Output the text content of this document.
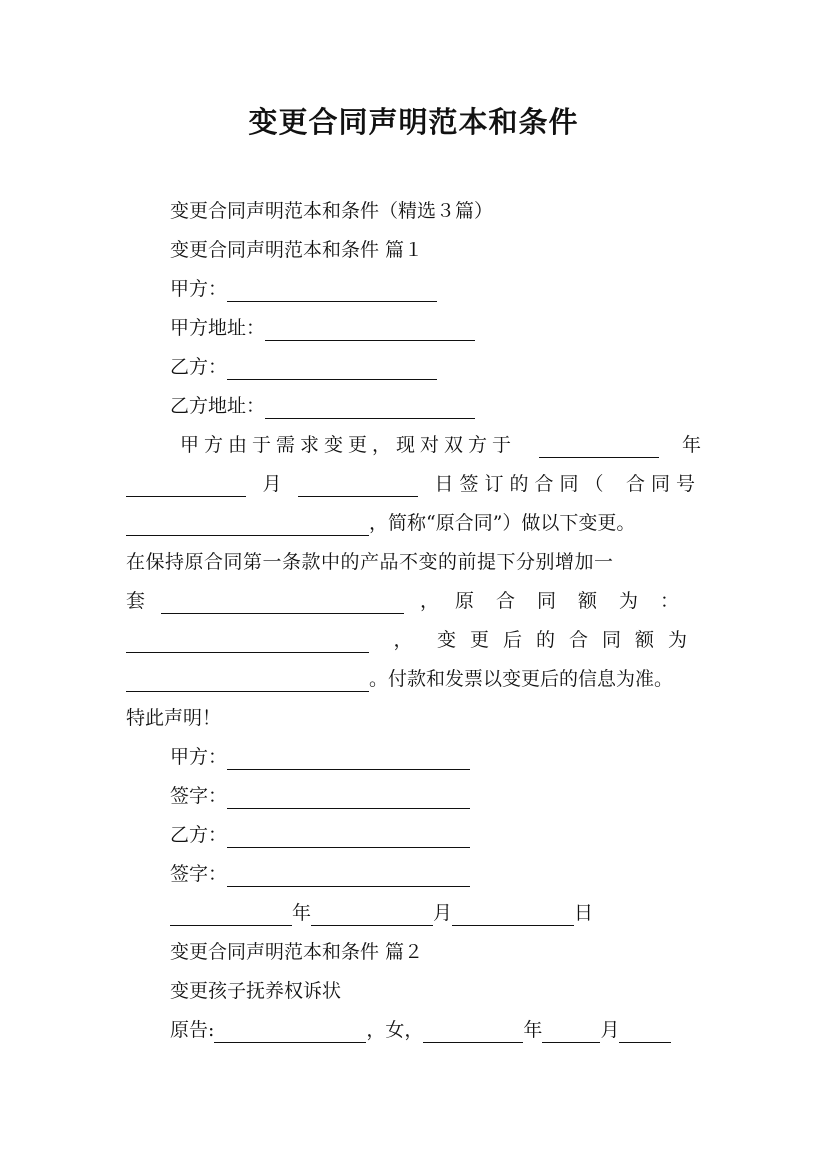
变更合同声明范本和条件
变更合同声明范本和条件（精选３篇）
变更合同声明范本和条件 篇１
甲方：
甲方地址：
乙方：
乙方地址：
甲方由于需求变更，现对双方于	年
月	日签订的合同（ 合同号
，简称“原合同”）做以下变更。
在保持原合同第一条款中的产品不变的前提下分别增加一
套	， 原合同额为：
， 变更后的合同额为
。付款和发票以变更后的信息为准。
特此声明！
甲方：
签字：
乙方：
签字：
年	月	日
变更合同声明范本和条件 篇２
变更孩子抚养权诉状
原告:	，女，	年	月
